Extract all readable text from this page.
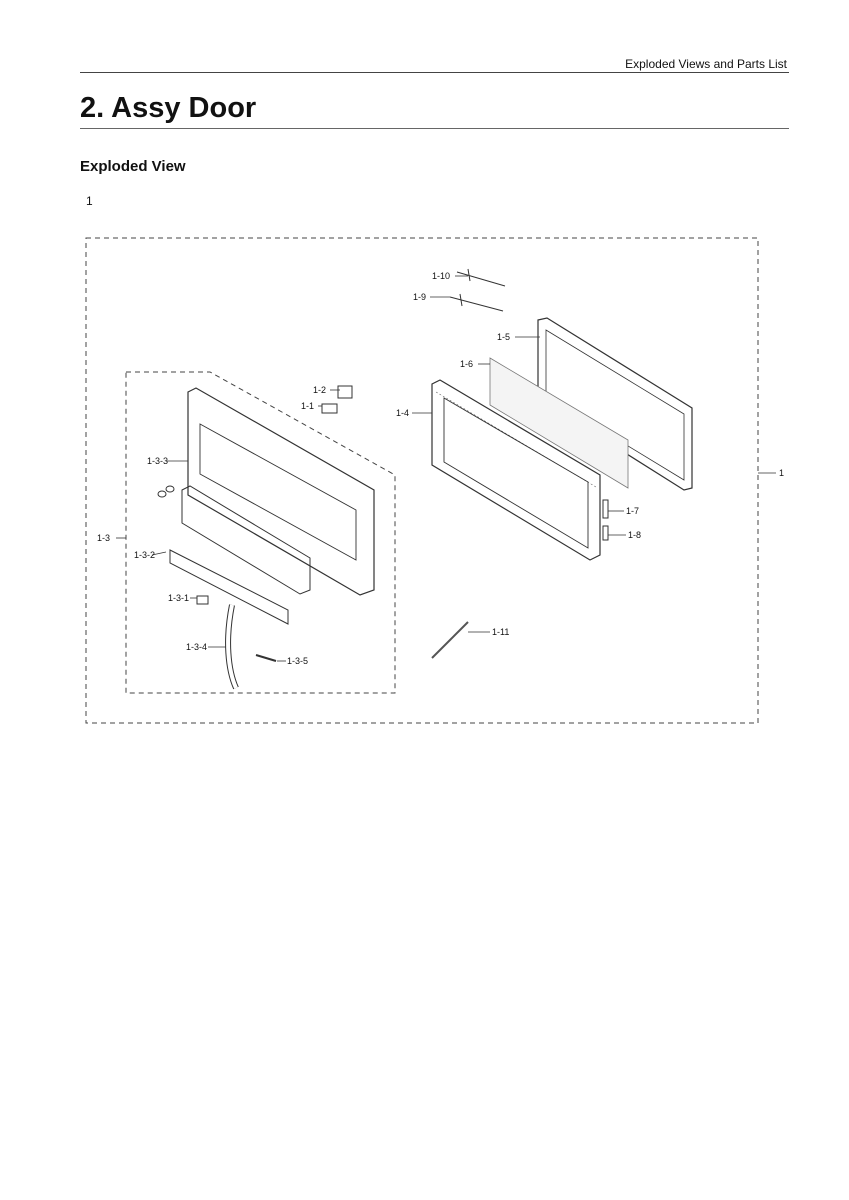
Exploded Views and Parts List
2. Assy Door
Exploded View
1
1-10
1-9
1-5
1-6
1-4
1-2
1-1
1-3-3
1-3
1-3-2
1-3-1
1-3-4
1-3-5
1-7
1-8
1-11
1
